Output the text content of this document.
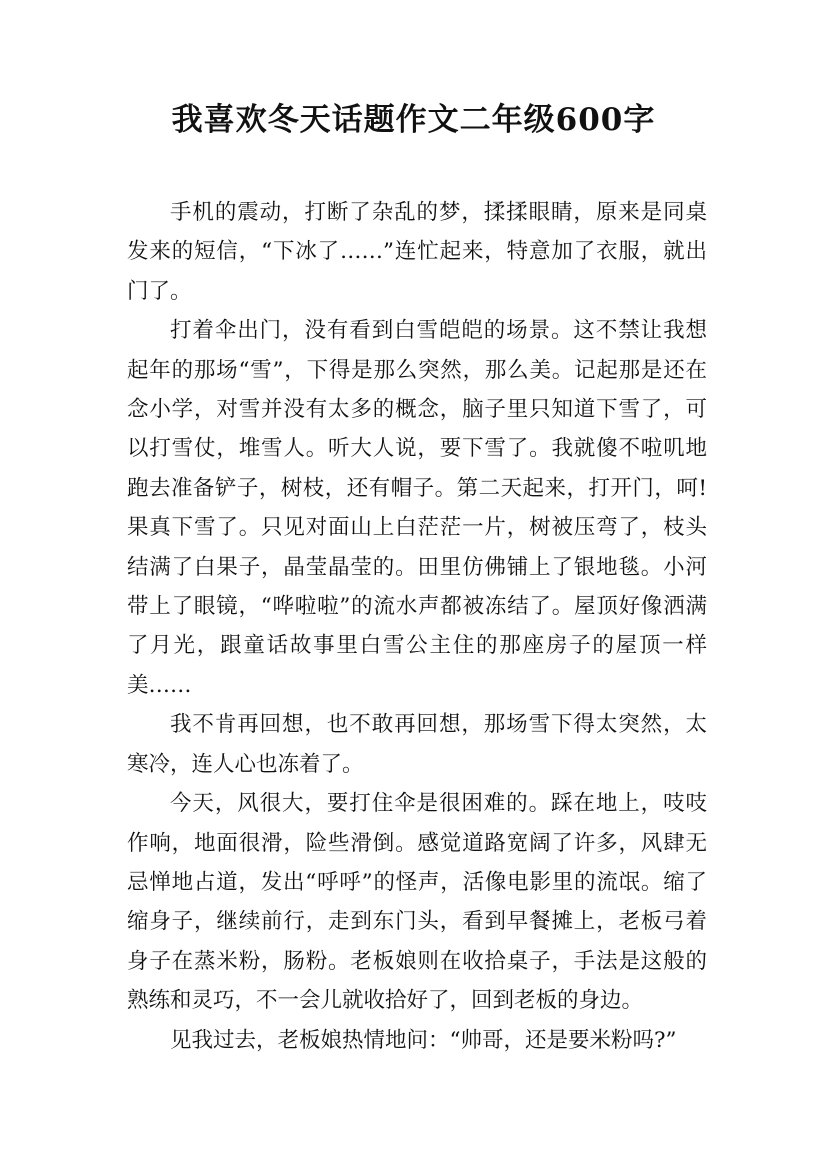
我喜欢冬天话题作文二年级600字

手机的震动，打断了杂乱的梦，揉揉眼睛，原来是同桌发来的短信，“下冰了……”连忙起来，特意加了衣服，就出门了。

打着伞出门，没有看到白雪皑皑的场景。这不禁让我想起年的那场“雪”，下得是那么突然，那么美。记起那是还在念小学，对雪并没有太多的概念，脑子里只知道下雪了，可以打雪仗，堆雪人。听大人说，要下雪了。我就傻不啦叽地跑去准备铲子，树枝，还有帽子。第二天起来，打开门，呵!果真下雪了。只见对面山上白茫茫一片，树被压弯了，枝头结满了白果子，晶莹晶莹的。田里仿佛铺上了银地毯。小河带上了眼镜，“哗啦啦”的流水声都被冻结了。屋顶好像洒满了月光，跟童话故事里白雪公主住的那座房子的屋顶一样美……

我不肯再回想，也不敢再回想，那场雪下得太突然，太寒冷，连人心也冻着了。

今天，风很大，要打住伞是很困难的。踩在地上，吱吱作响，地面很滑，险些滑倒。感觉道路宽阔了许多，风肆无忌惮地占道，发出“呼呼”的怪声，活像电影里的流氓。缩了缩身子，继续前行，走到东门头，看到早餐摊上，老板弓着身子在蒸米粉，肠粉。老板娘则在收拾桌子，手法是这般的熟练和灵巧，不一会儿就收拾好了，回到老板的身边。

见我过去，老板娘热情地问：“帅哥，还是要米粉吗?”
